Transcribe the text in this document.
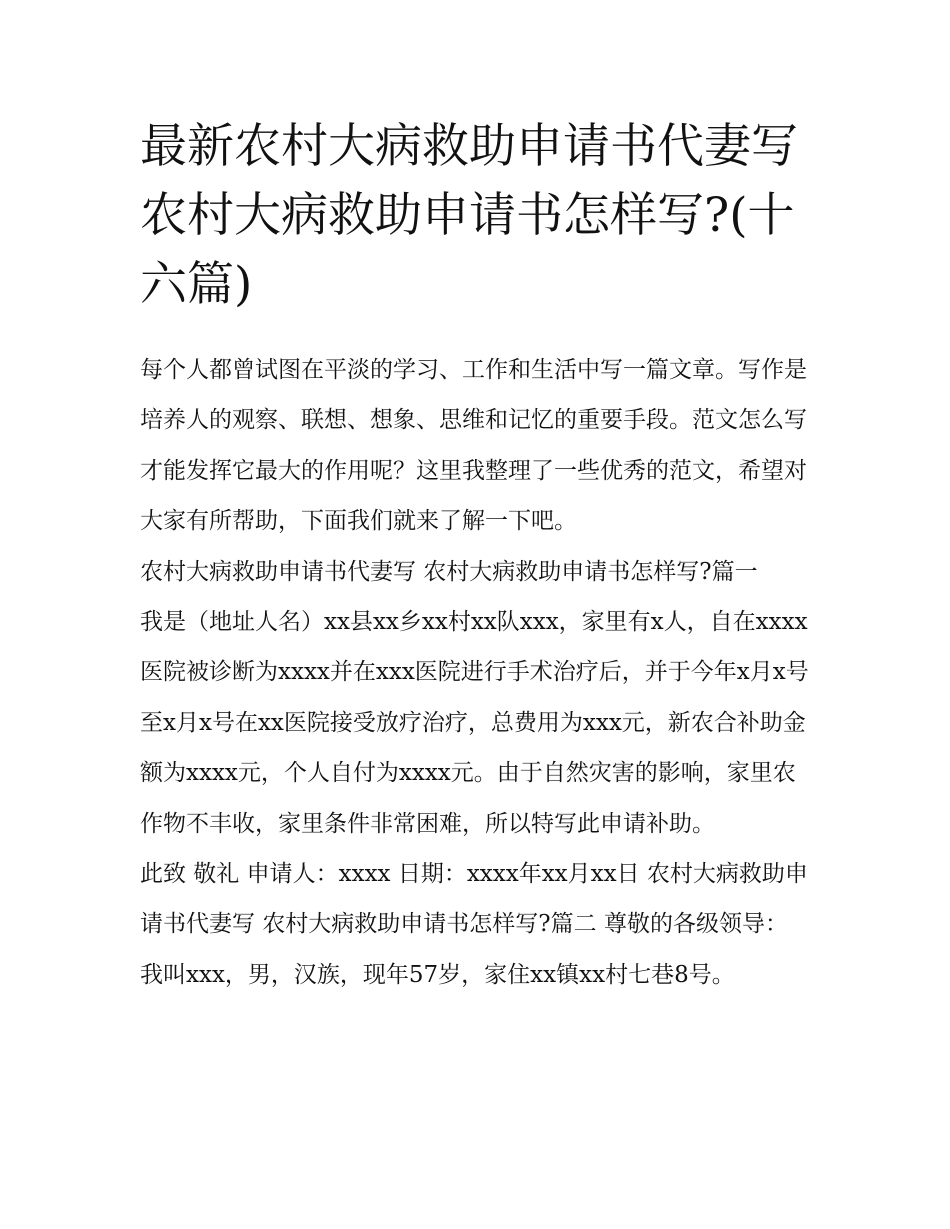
最新农村大病救助申请书代妻写 农村大病救助申请书怎样写?(十六篇)

每个人都曾试图在平淡的学习、工作和生活中写一篇文章。写作是培养人的观察、联想、想象、思维和记忆的重要手段。范文怎么写才能发挥它最大的作用呢？这里我整理了一些优秀的范文，希望对大家有所帮助，下面我们就来了解一下吧。

农村大病救助申请书代妻写 农村大病救助申请书怎样写?篇一

我是（地址人名）xx县xx乡xx村xx队xxx，家里有x人，自在xxxx医院被诊断为xxxx并在xxx医院进行手术治疗后，并于今年x月x号至x月x号在xx医院接受放疗治疗，总费用为xxx元，新农合补助金额为xxxx元，个人自付为xxxx元。由于自然灾害的影响，家里农作物不丰收，家里条件非常困难，所以特写此申请补助。

此致 敬礼 申请人：xxxx 日期：xxxx年xx月xx日 农村大病救助申请书代妻写 农村大病救助申请书怎样写?篇二 尊敬的各级领导：

我叫xxx，男，汉族，现年57岁，家住xx镇xx村七巷8号。
